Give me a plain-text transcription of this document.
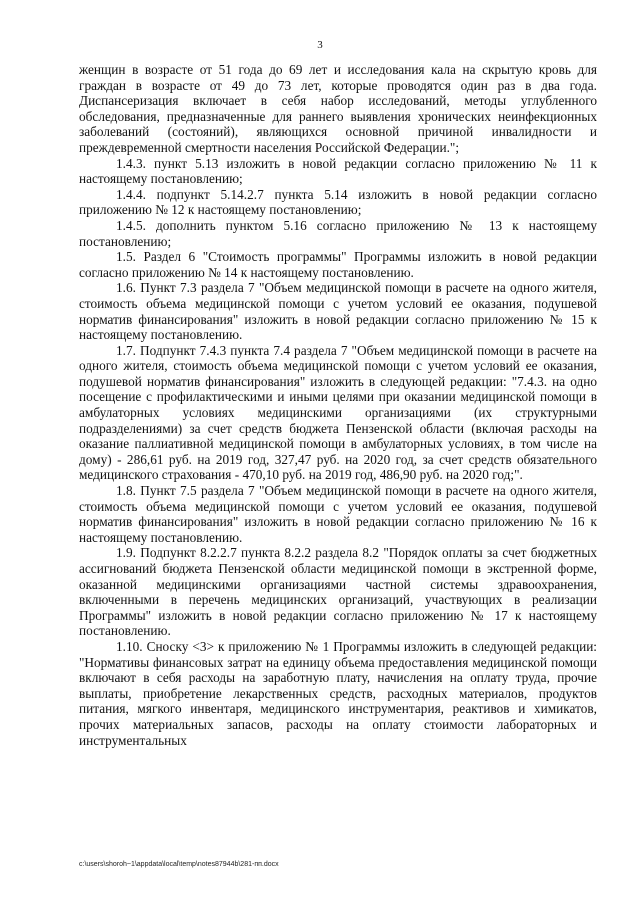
3

женщин в возрасте от 51 года до 69 лет и исследования кала на скрытую кровь для граждан в возрасте от 49 до 73 лет, которые проводятся один раз в два года. Диспансеризация включает в себя набор исследований, методы углубленного обследования, предназначенные для раннего выявления хронических неинфекционных заболеваний (состояний), являющихся основной причиной инвалидности и преждевременной смертности населения Российской Федерации.";

1.4.3. пункт 5.13 изложить в новой редакции согласно приложению № 11 к настоящему постановлению;

1.4.4. подпункт 5.14.2.7 пункта 5.14 изложить в новой редакции согласно приложению № 12 к настоящему постановлению;

1.4.5. дополнить пунктом 5.16 согласно приложению № 13 к настоящему постановлению;

1.5. Раздел 6 "Стоимость программы" Программы изложить в новой редакции согласно приложению № 14 к настоящему постановлению.

1.6. Пункт 7.3 раздела 7 "Объем медицинской помощи в расчете на одного жителя, стоимость объема медицинской помощи с учетом условий ее оказания, подушевой норматив финансирования" изложить в новой редакции согласно приложению № 15 к настоящему постановлению.

1.7. Подпункт 7.4.3 пункта 7.4 раздела 7 "Объем медицинской помощи в расчете на одного жителя, стоимость объема медицинской помощи с учетом условий ее оказания, подушевой норматив финансирования" изложить в следующей редакции: "7.4.3. на одно посещение с профилактическими и иными целями при оказании медицинской помощи в амбулаторных условиях медицинскими организациями (их структурными подразделениями) за счет средств бюджета Пензенской области (включая расходы на оказание паллиативной медицинской помощи в амбулаторных условиях, в том числе на дому) - 286,61 руб. на 2019 год, 327,47 руб. на 2020 год, за счет средств обязательного медицинского страхования - 470,10 руб. на 2019 год, 486,90 руб. на 2020 год;".

1.8. Пункт 7.5 раздела 7 "Объем медицинской помощи в расчете на одного жителя, стоимость объема медицинской помощи с учетом условий ее оказания, подушевой норматив финансирования" изложить в новой редакции согласно приложению № 16 к настоящему постановлению.

1.9. Подпункт 8.2.2.7 пункта 8.2.2 раздела 8.2 "Порядок оплаты за счет бюджетных ассигнований бюджета Пензенской области медицинской помощи в экстренной форме, оказанной медицинскими организациями частной системы здравоохранения, включенными в перечень медицинских организаций, участвующих в реализации Программы" изложить в новой редакции согласно приложению № 17 к настоящему постановлению.

1.10. Сноску <3> к приложению № 1 Программы изложить в следующей редакции: "Нормативы финансовых затрат на единицу объема предоставления медицинской помощи включают в себя расходы на заработную плату, начисления на оплату труда, прочие выплаты, приобретение лекарственных средств, расходных материалов, продуктов питания, мягкого инвентаря, медицинского инструментария, реактивов и химикатов, прочих материальных запасов, расходы на оплату стоимости лабораторных и инструментальных

c:\users\shoroh~1\appdata\local\temp\notes87944b\281-пп.docx
